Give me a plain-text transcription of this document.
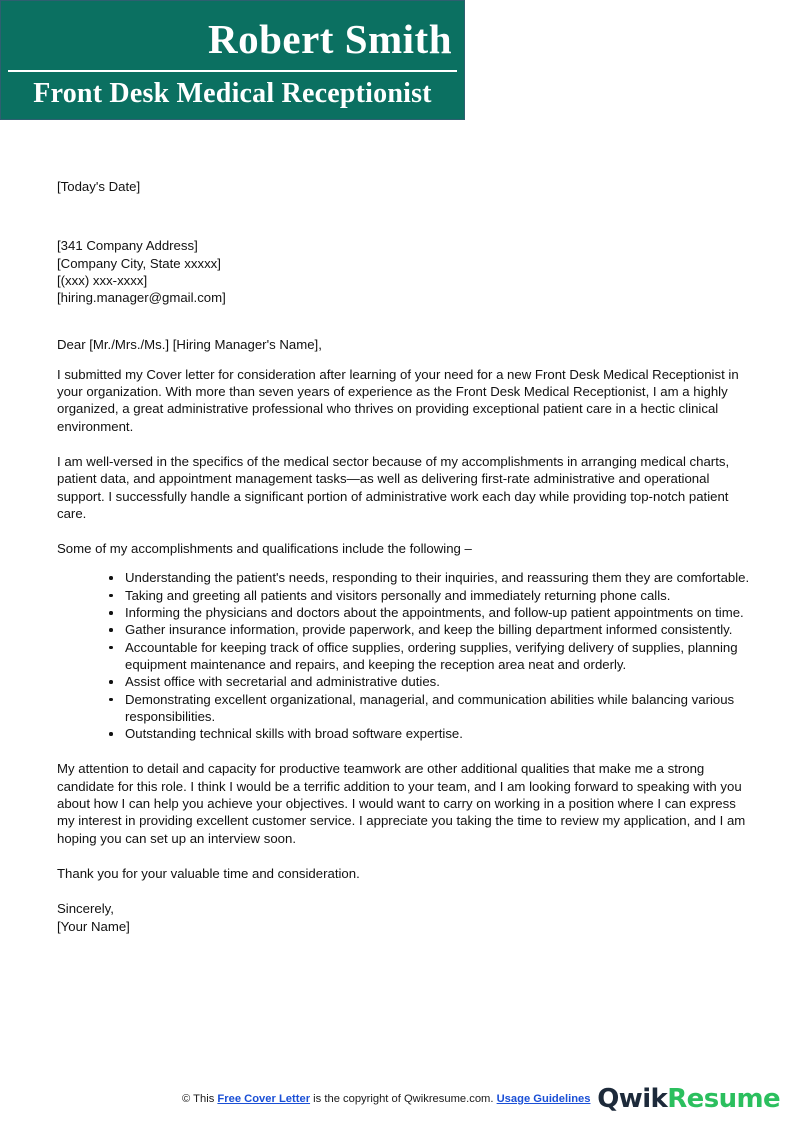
Robert Smith
Front Desk Medical Receptionist

[Today's Date]

[341 Company Address]

[Company City, State xxxxx]

[(xxx) xxx-xxxx]

[hiring.manager@gmail.com]

Dear [Mr./Mrs./Ms.] [Hiring Manager's Name],

I submitted my Cover letter for consideration after learning of your need for a new Front Desk Medical Receptionist in your organization. With more than seven years of experience as the Front Desk Medical Receptionist, I am a highly organized, a great administrative professional who thrives on providing exceptional patient care in a hectic clinical environment.

I am well-versed in the specifics of the medical sector because of my accomplishments in arranging medical charts, patient data, and appointment management tasks—as well as delivering first-rate administrative and operational support. I successfully handle a significant portion of administrative work each day while providing top-notch patient care.

Some of my accomplishments and qualifications include the following –

Understanding the patient's needs, responding to their inquiries, and reassuring them they are comfortable.
Taking and greeting all patients and visitors personally and immediately returning phone calls.
Informing the physicians and doctors about the appointments, and follow-up patient appointments on time.
Gather insurance information, provide paperwork, and keep the billing department informed consistently.
Accountable for keeping track of office supplies, ordering supplies, verifying delivery of supplies, planning equipment maintenance and repairs, and keeping the reception area neat and orderly.
Assist office with secretarial and administrative duties.
Demonstrating excellent organizational, managerial, and communication abilities while balancing various responsibilities.
Outstanding technical skills with broad software expertise.

My attention to detail and capacity for productive teamwork are other additional qualities that make me a strong candidate for this role. I think I would be a terrific addition to your team, and I am looking forward to speaking with you about how I can help you achieve your objectives. I would want to carry on working in a position where I can express my interest in providing excellent customer service. I appreciate you taking the time to review my application, and I am hoping you can set up an interview soon.

Thank you for your valuable time and consideration.

Sincerely,

[Your Name]

© This Free Cover Letter is the copyright of Qwikresume.com. Usage Guidelines QwikResume
